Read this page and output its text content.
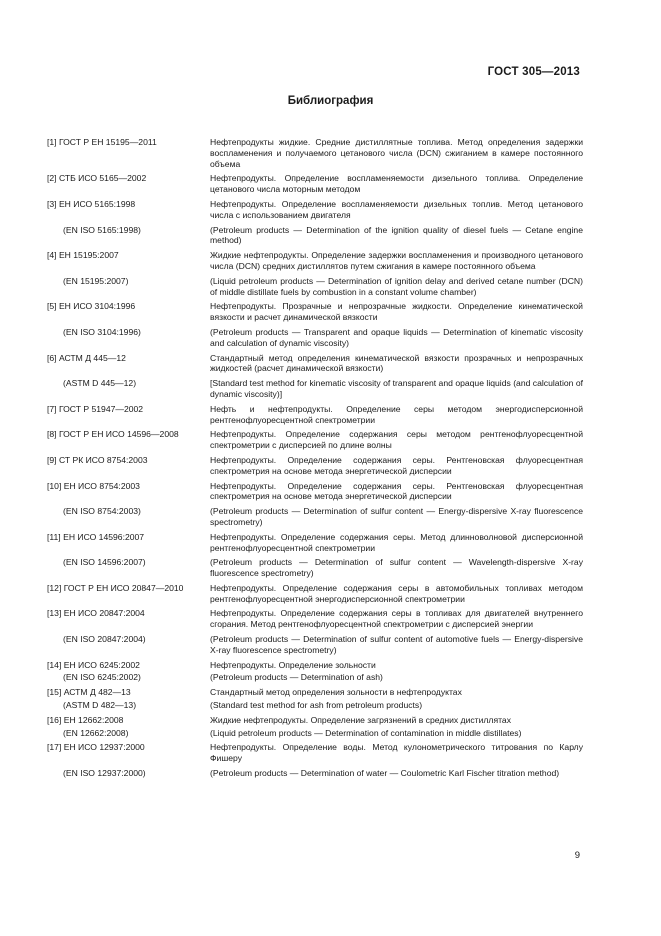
ГОСТ 305—2013
Библиография
[1] ГОСТ Р ЕН 15195—2011	Нефтепродукты жидкие. Средние дистиллятные топлива. Метод определения задержки воспламенения и получаемого цетанового числа (DCN) сжиганием в камере постоянного объема
[2] СТБ ИСО 5165—2002	Нефтепродукты. Определение воспламеняемости дизельного топлива. Определение цетанового числа моторным методом
[3] ЕН ИСО 5165:1998	Нефтепродукты. Определение воспламеняемости дизельных топлив. Метод цетанового числа с использованием двигателя
(EN ISO 5165:1998)	(Petroleum products — Determination of the ignition quality of diesel fuels — Cetane engine method)
[4] ЕН 15195:2007	Жидкие нефтепродукты. Определение задержки воспламенения и производного цетанового числа (DCN) средних дистиллятов путем сжигания в камере постоянного объема
(EN 15195:2007)	(Liquid petroleum products — Determination of ignition delay and derived cetane number (DCN) of middle distillate fuels by combustion in a constant volume chamber)
[5] ЕН ИСО 3104:1996	Нефтепродукты. Прозрачные и непрозрачные жидкости. Определение кинематической вязкости и расчет динамической вязкости
(EN ISO 3104:1996)	(Petroleum products — Transparent and opaque liquids — Determination of kinematic viscosity and calculation of dynamic viscosity)
[6] АСТМ Д 445—12	Стандартный метод определения кинематической вязкости прозрачных и непрозрачных жидкостей (расчет динамической вязкости)
(ASTM D 445—12)	[Standard test method for kinematic viscosity of transparent and opaque liquids (and calculation of dynamic viscosity)]
[7] ГОСТ Р 51947—2002	Нефть и нефтепродукты. Определение серы методом энергодисперсионной рентгенофлуоресцентной спектрометрии
[8] ГОСТ Р ЕН ИСО 14596—2008	Нефтепродукты. Определение содержания серы методом рентгенофлуоресцентной спектрометрии с дисперсией по длине волны
[9] СТ РК ИСО 8754:2003	Нефтепродукты. Определение содержания серы. Рентгеновская флуоресцентная спектрометрия на основе метода энергетической дисперсии
[10] ЕН ИСО 8754:2003	Нефтепродукты. Определение содержания серы. Рентгеновская флуоресцентная спектрометрия на основе метода энергетической дисперсии
(EN ISO 8754:2003)	(Petroleum products — Determination of sulfur content — Energy-dispersive X-ray fluorescence spectrometry)
[11] ЕН ИСО 14596:2007	Нефтепродукты. Определение содержания серы. Метод длинноволновой дисперсионной рентгенофлуоресцентной спектрометрии
(EN ISO 14596:2007)	(Petroleum products — Determination of sulfur content — Wavelength-dispersive X-ray fluorescence spectrometry)
[12] ГОСТ Р ЕН ИСО 20847—2010	Нефтепродукты. Определение содержания серы в автомобильных топливах методом рентгенофлуоресцентной энергодисперсионной спектрометрии
[13] ЕН ИСО 20847:2004	Нефтепродукты. Определение содержания серы в топливах для двигателей внутреннего сгорания. Метод рентгенофлуоресцентной спектрометрии с дисперсией энергии
(EN ISO 20847:2004)	(Petroleum products — Determination of sulfur content of automotive fuels — Energy-dispersive X-ray fluorescence spectrometry)
[14] ЕН ИСО 6245:2002	Нефтепродукты. Определение зольности
(EN ISO 6245:2002)	(Petroleum products — Determination of ash)
[15] АСТМ Д 482—13	Стандартный метод определения зольности в нефтепродуктах
(ASTM D 482—13)	(Standard test method for ash from petroleum products)
[16] ЕН 12662:2008	Жидкие нефтепродукты. Определение загрязнений в средних дистиллятах
(EN 12662:2008)	(Liquid petroleum products — Determination of contamination in middle distillates)
[17] ЕН ИСО 12937:2000	Нефтепродукты. Определение воды. Метод кулонометрического титрования по Карлу Фишеру
(EN ISO 12937:2000)	(Petroleum products — Determination of water — Coulometric Karl Fischer titration method)
9
